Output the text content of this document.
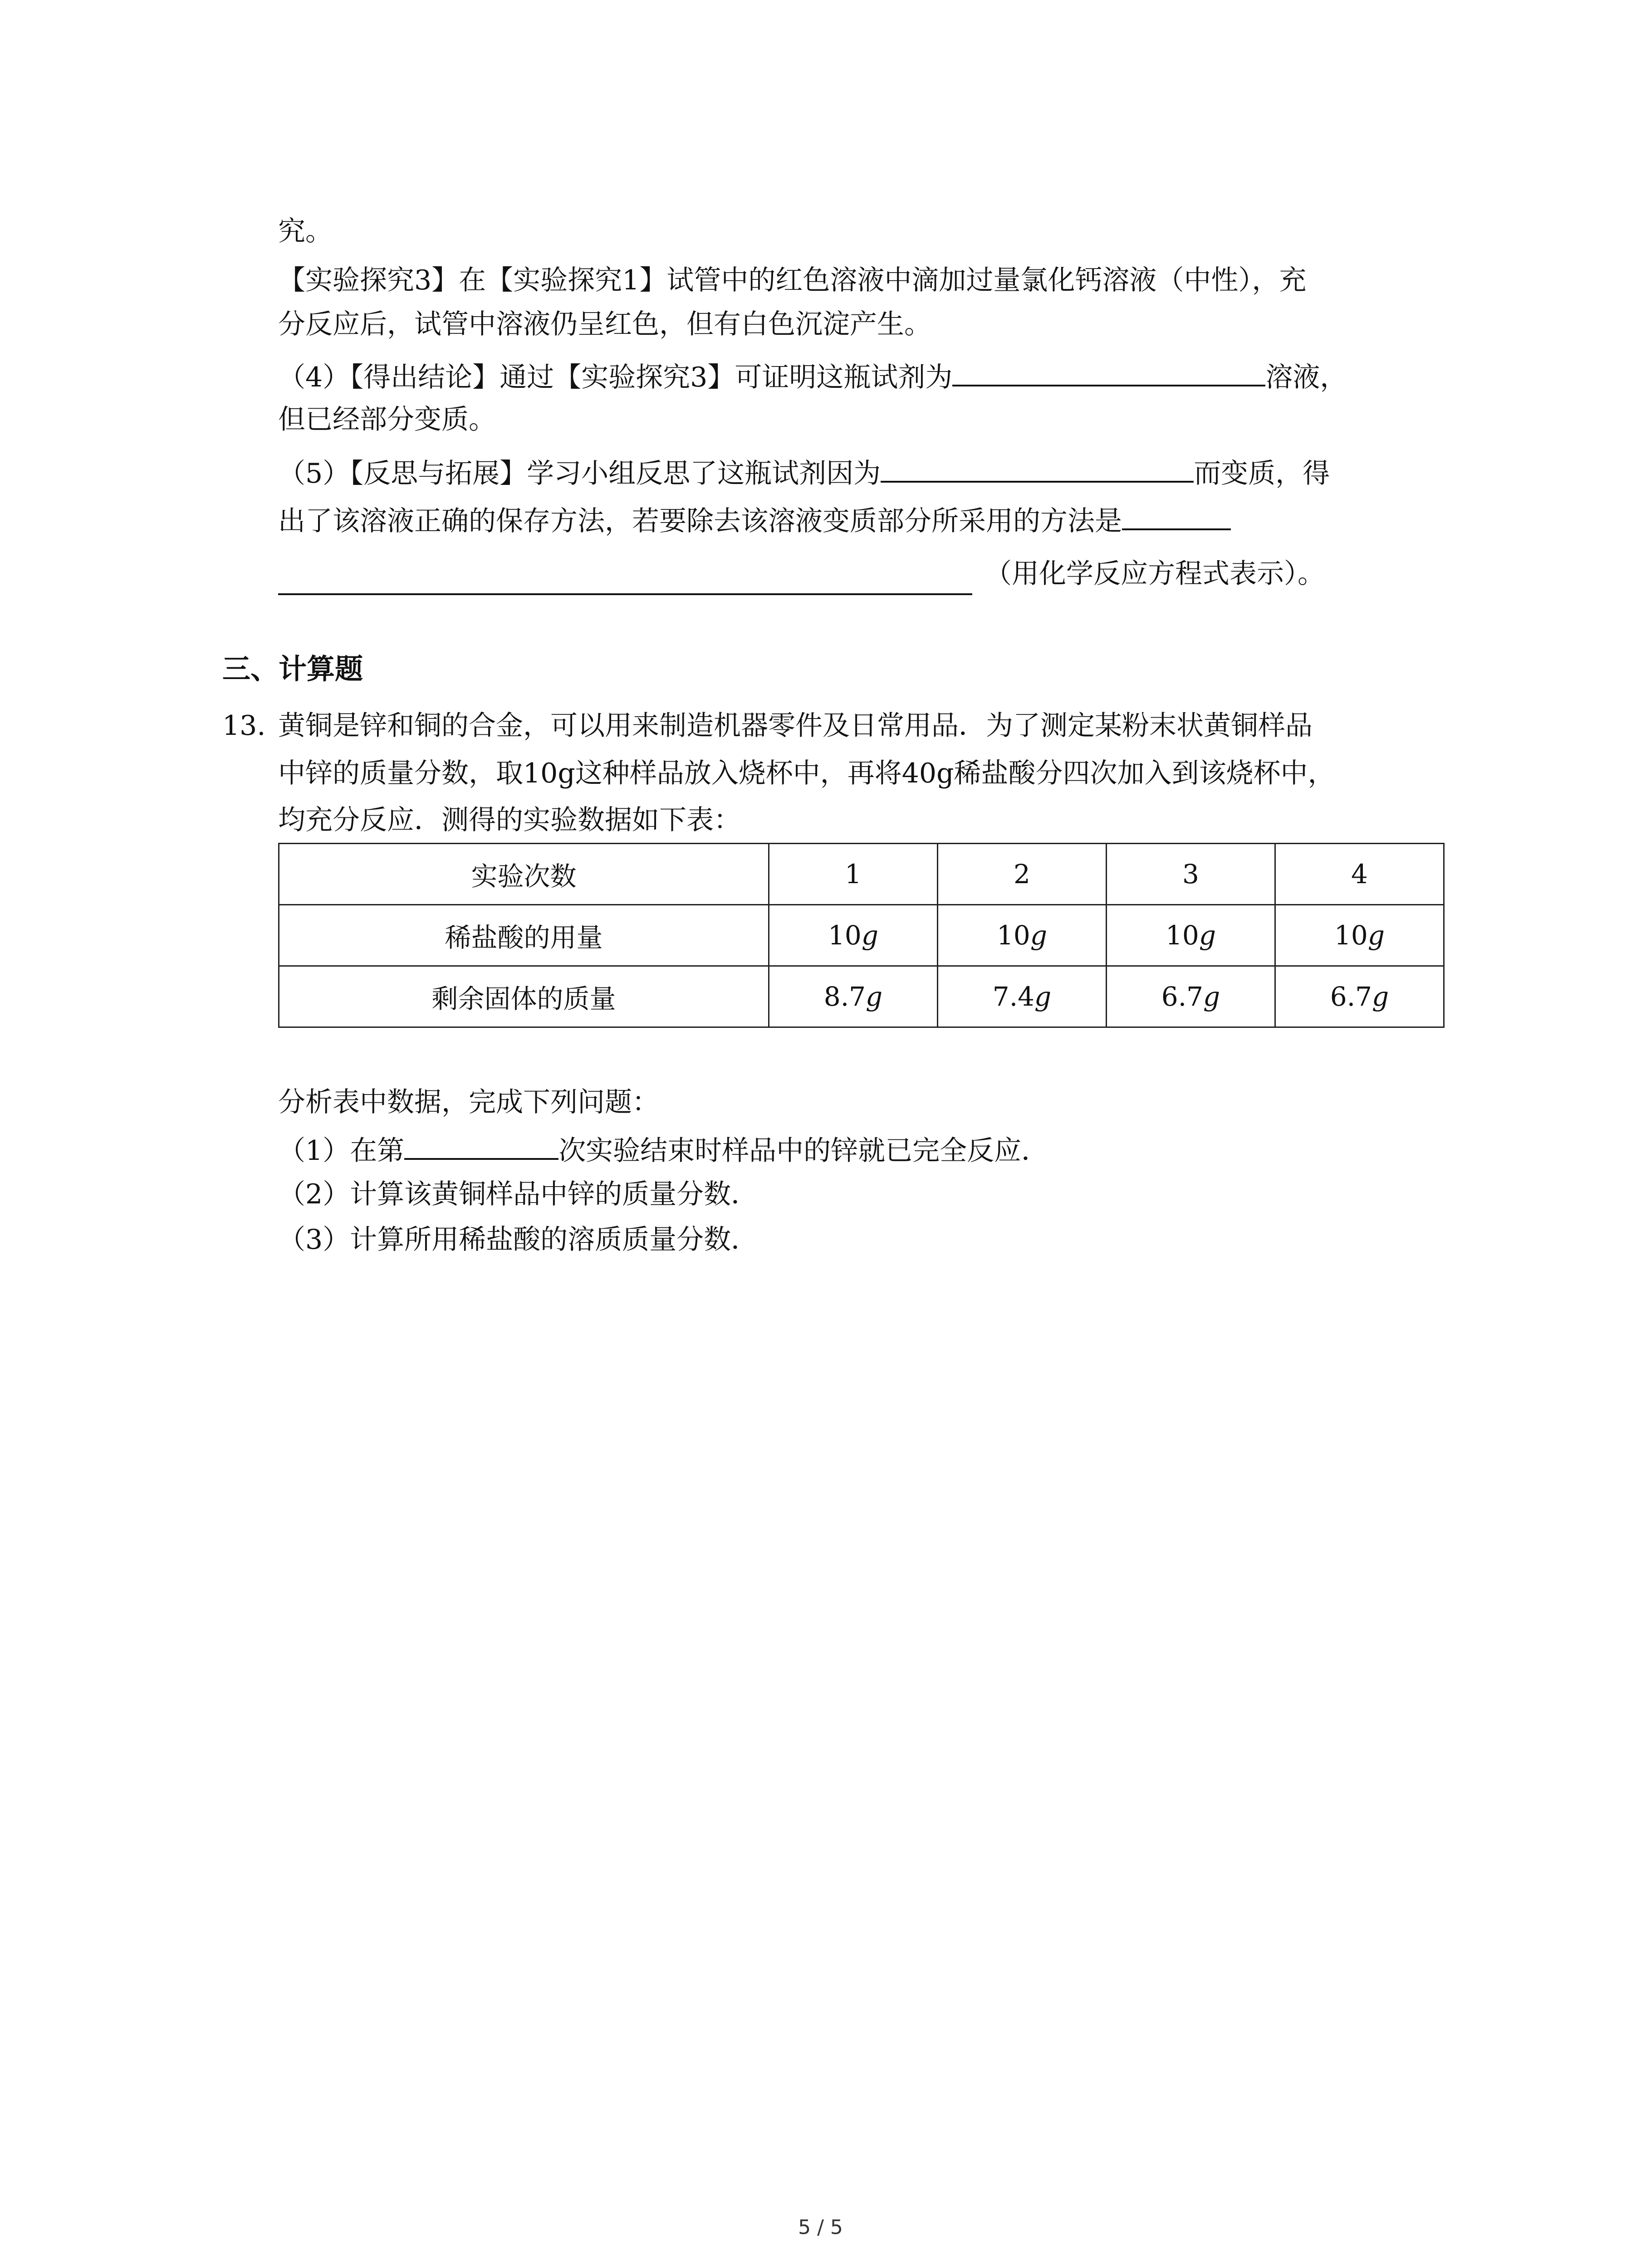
究。
【实验探究3】在【实验探究1】试管中的红色溶液中滴加过量氯化钙溶液（中性），充
分反应后，试管中溶液仍呈红色，但有白色沉淀产生。
（4）【得出结论】通过【实验探究3】可证明这瓶试剂为	溶液，
但已经部分变质。
（5）【反思与拓展】学习小组反思了这瓶试剂因为	而变质，得
出了该溶液正确的保存方法，若要除去该溶液变质部分所采用的方法是
（用化学反应方程式表示）。
三、计算题
13. 黄铜是锌和铜的合金，可以用来制造机器零件及日常用品．为了测定某粉末状黄铜样品
中锌的质量分数，取10g这种样品放入烧杯中，再将40g稀盐酸分四次加入到该烧杯中，
均充分反应．测得的实验数据如下表：
实验次数	1	2	3	4
稀盐酸的用量	10g	10g	10g	10g
剩余固体的质量	8.7g	7.4g	6.7g	6.7g
分析表中数据，完成下列问题：
（1）在第	次实验结束时样品中的锌就已完全反应．
（2）计算该黄铜样品中锌的质量分数．
（3）计算所用稀盐酸的溶质质量分数．
5 / 5
